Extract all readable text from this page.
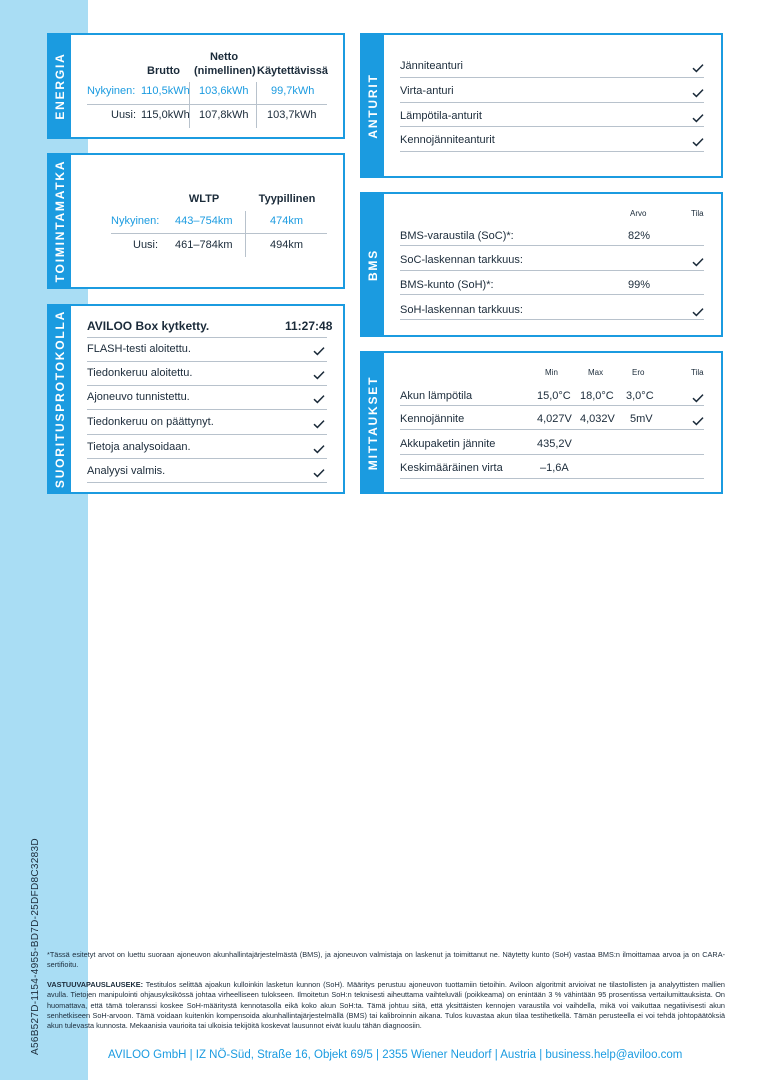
A56B527D-1154-4955-BD7D-25DFD8C3283D
ENERGIA	Brutto
Netto
(nimellinen) Käytettävissä
Nykyinen: 110,5kWh 103,6kWh 99,7kWh
Uusi: 115,0kWh 107,8kWh 103,7kWh
TOIMINTAMATKA	WLTP	Tyypillinen
Nykyinen: 443–754km	474km
Uusi: 461–784km	494km
SUORITUSPROTOKOLLA AVILOO Box kytketty.	11:27:48
FLASH-testi aloitettu.
Tiedonkeruu aloitettu.
Ajoneuvo tunnistettu.
Tiedonkeruu on päättynyt.
Tietoja analysoidaan.
Analyysi valmis.
ANTURIT
Jänniteanturi
Virta-anturi
Lämpötila-anturit
Kennojänniteanturit
BMS
Arvo	Tila
BMS-varaustila (SoC)*:	82%
SoC-laskennan tarkkuus:
BMS-kunto (SoH)*:	99%
SoH-laskennan tarkkuus:
MITTAUKSET
Min	Max	Ero	Tila
Akun lämpötila	15,0°C 18,0°C 3,0°C
Kennojännite	4,027V 4,032V 5mV
Akkupaketin jännite	435,2V
Keskimääräinen virta	–1,6A
*Tässä esitetyt arvot on luettu suoraan ajoneuvon akunhallintajärjestelmästä (BMS), ja ajoneuvon valmistaja on laskenut ja toimittanut ne. Näytetty kunto (SoH) vastaa BMS:n ilmoittamaa arvoa ja on CARA-sertifioitu.
VASTUUVAPAUSLAUSEKE: Testitulos selittää ajoakun kulloinkin lasketun kunnon (SoH). Määritys perustuu ajoneuvon tuottamiin tietoihin. Aviloon algoritmit arvioivat ne tilastollisten ja analyyttisten mallien avulla. Tietojen manipulointi ohjausyksikössä johtaa virheelliseen tulokseen. Ilmoitetun SoH:n teknisesti aiheuttama vaihteluväli (poikkeama) on enintään 3 % vähintään 95 prosentissa vertailumittauksista. On huomattava, että tämä toleranssi koskee SoH-määritystä kennotasolla eikä koko akun SoH:ta. Tämä johtuu siitä, että yksittäisten kennojen varaustila voi vaihdella, mikä voi vaikuttaa negatiivisesti akun senhetkiseen SoH-arvoon. Tämä voidaan kuitenkin kompensoida akunhallintajärjestelmällä (BMS) tai kalibroinnin aikana. Tulos kuvastaa akun tilaa testihetkellä. Tämän perusteella ei voi tehdä johtopäätöksiä akun tulevasta kunnosta. Mekaanisia vaurioita tai ulkoisia tekijöitä koskevat lausunnot eivät kuulu tähän diagnoosiin.
AVILOO GmbH | IZ NÖ-Süd, Straße 16, Objekt 69/5 | 2355 Wiener Neudorf | Austria | business.help@aviloo.com
